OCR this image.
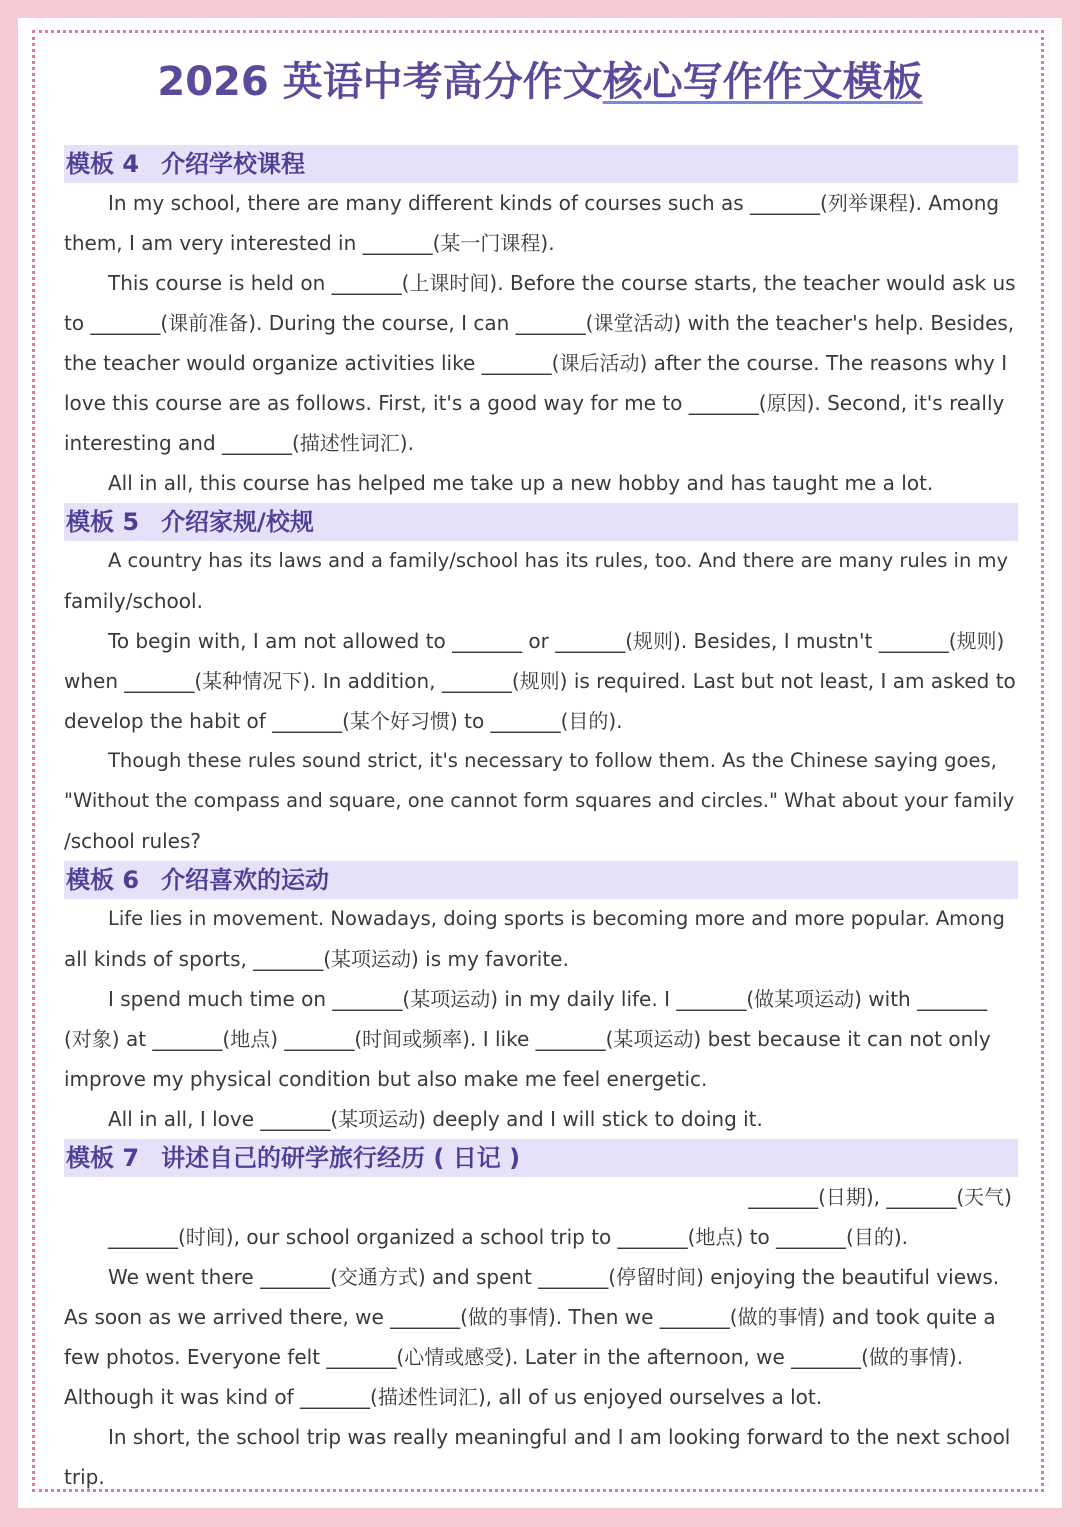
2026 英语中考高分作文核心写作作文模板
模板 4 介绍学校课程
In my school, there are many different kinds of courses such as _______(列举课程). Among
them, I am very interested in _______(某一门课程).
This course is held on _______(上课时间). Before the course starts, the teacher would ask us
to _______(课前准备). During the course, I can _______(课堂活动) with the teacher's help. Besides,
the teacher would organize activities like _______(课后活动) after the course. The reasons why I
love this course are as follows. First, it's a good way for me to _______(原因). Second, it's really
interesting and _______(描述性词汇).
All in all, this course has helped me take up a new hobby and has taught me a lot.
模板 5 介绍家规/校规
A country has its laws and a family/school has its rules, too. And there are many rules in my
family/school.
To begin with, I am not allowed to _______ or _______(规则). Besides, I mustn't _______(规则)
when _______(某种情况下). In addition, _______(规则) is required. Last but not least, I am asked to
develop the habit of _______(某个好习惯) to _______(目的).
Though these rules sound strict, it's necessary to follow them. As the Chinese saying goes,
"Without the compass and square, one cannot form squares and circles." What about your family
/school rules?
模板 6 介绍喜欢的运动
Life lies in movement. Nowadays, doing sports is becoming more and more popular. Among
all kinds of sports, _______(某项运动) is my favorite.
I spend much time on _______(某项运动) in my daily life. I _______(做某项运动) with _______
(对象) at _______(地点) _______(时间或频率). I like _______(某项运动) best because it can not only
improve my physical condition but also make me feel energetic.
All in all, I love _______(某项运动) deeply and I will stick to doing it.
模板 7 讲述自己的研学旅行经历 ( 日记 )
_______(日期), _______(天气)
_______(时间), our school organized a school trip to _______(地点) to _______(目的).
We went there _______(交通方式) and spent _______(停留时间) enjoying the beautiful views.
As soon as we arrived there, we _______(做的事情). Then we _______(做的事情) and took quite a
few photos. Everyone felt _______(心情或感受). Later in the afternoon, we _______(做的事情).
Although it was kind of _______(描述性词汇), all of us enjoyed ourselves a lot.
In short, the school trip was really meaningful and I am looking forward to the next school
trip.
